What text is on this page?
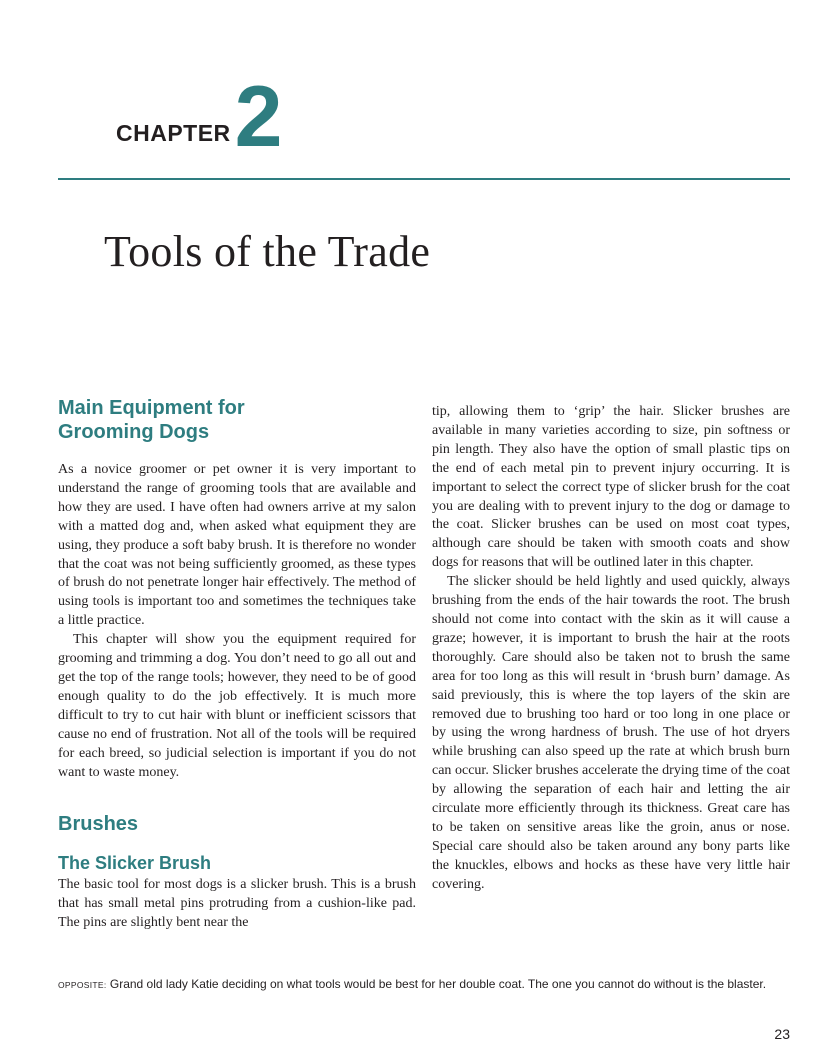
CHAPTER 2
Tools of the Trade
Main Equipment for Grooming Dogs

As a novice groomer or pet owner it is very important to understand the range of grooming tools that are available and how they are used. I have often had owners arrive at my salon with a matted dog and, when asked what equipment they are using, they produce a soft baby brush. It is therefore no wonder that the coat was not being sufficiently groomed, as these types of brush do not penetrate longer hair effectively. The method of using tools is important too and sometimes the techniques take a little practice.

This chapter will show you the equipment required for grooming and trimming a dog. You don’t need to go all out and get the top of the range tools; however, they need to be of good enough quality to do the job effectively. It is much more difficult to try to cut hair with blunt or inefficient scissors that cause no end of frustration. Not all of the tools will be required for each breed, so judicial selection is important if you do not want to waste money.

Brushes
The Slicker Brush

The basic tool for most dogs is a slicker brush. This is a brush that has small metal pins protruding from a cushion-like pad. The pins are slightly bent near the

tip, allowing them to ‘grip’ the hair. Slicker brushes are available in many varieties according to size, pin softness or pin length. They also have the option of small plastic tips on the end of each metal pin to prevent injury occurring. It is important to select the correct type of slicker brush for the coat you are dealing with to prevent injury to the dog or damage to the coat. Slicker brushes can be used on most coat types, although care should be taken with smooth coats and show dogs for reasons that will be outlined later in this chapter.

The slicker should be held lightly and used quickly, always brushing from the ends of the hair towards the root. The brush should not come into contact with the skin as it will cause a graze; however, it is important to brush the hair at the roots thoroughly. Care should also be taken not to brush the same area for too long as this will result in ‘brush burn’ damage. As said previously, this is where the top layers of the skin are removed due to brushing too hard or too long in one place or by using the wrong hardness of brush. The use of hot dryers while brushing can also speed up the rate at which brush burn can occur. Slicker brushes accelerate the drying time of the coat by allowing the separation of each hair and letting the air circulate more efficiently through its thickness. Great care has to be taken on sensitive areas like the groin, anus or nose. Special care should also be taken around any bony parts like the knuckles, elbows and hocks as these have very little hair covering.

OPPOSITE: Grand old lady Katie deciding on what tools would be best for her double coat. The one you cannot do without is the blaster.

23
